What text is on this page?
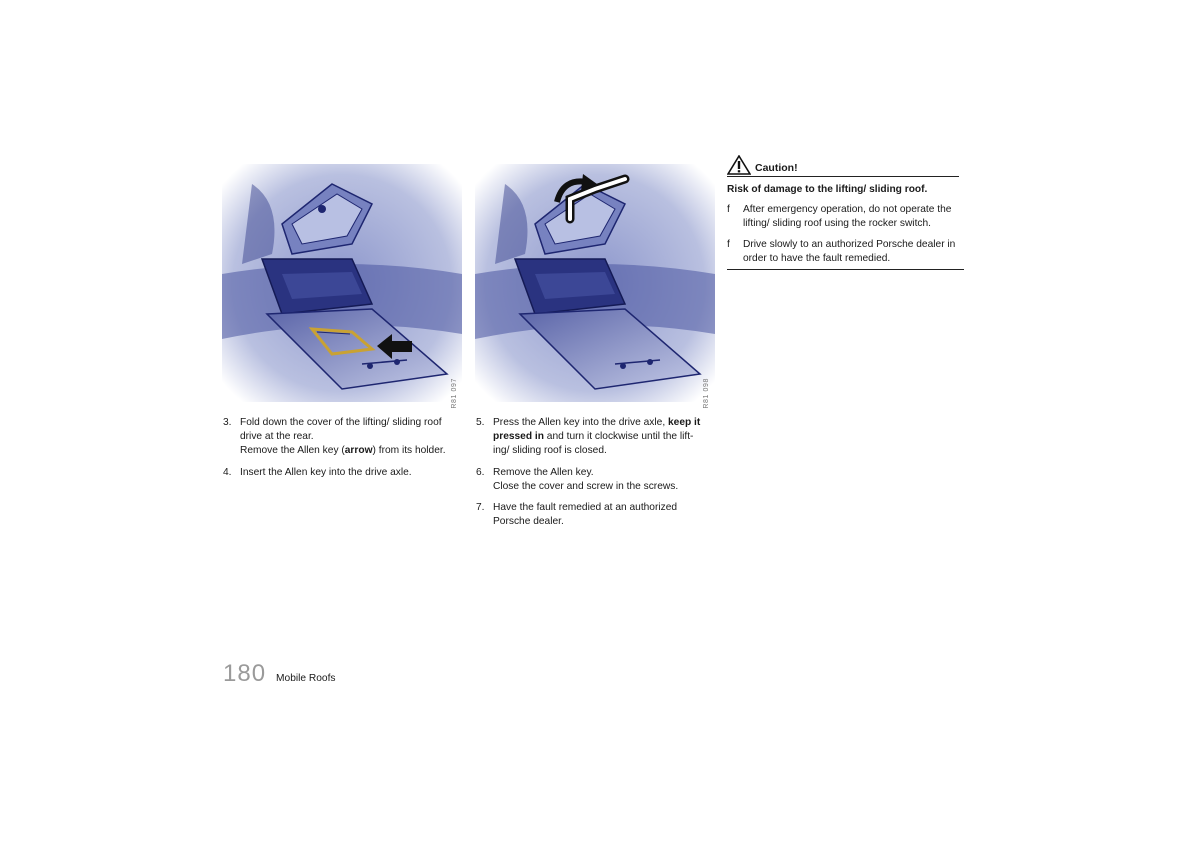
R81 097	R81 098
3. Fold down the cover of the lifting/ sliding roof
drive at the rear.
Remove the Allen key (arrow) from its holder.
4. Insert the Allen key into the drive axle.
5. Press the Allen key into the drive axle, keep it
pressed in and turn it clockwise until the lift-
ing/ sliding roof is closed.
6. Remove the Allen key.
Close the cover and screw in the screws.
7. Have the fault remedied at an authorized
Porsche dealer.
Caution!
Risk of damage to the lifting/ sliding roof.
f	After emergency operation, do not operate the
lifting/ sliding roof using the rocker switch.
f	Drive slowly to an authorized Porsche dealer in
order to have the fault remedied.
180 Mobile Roofs
